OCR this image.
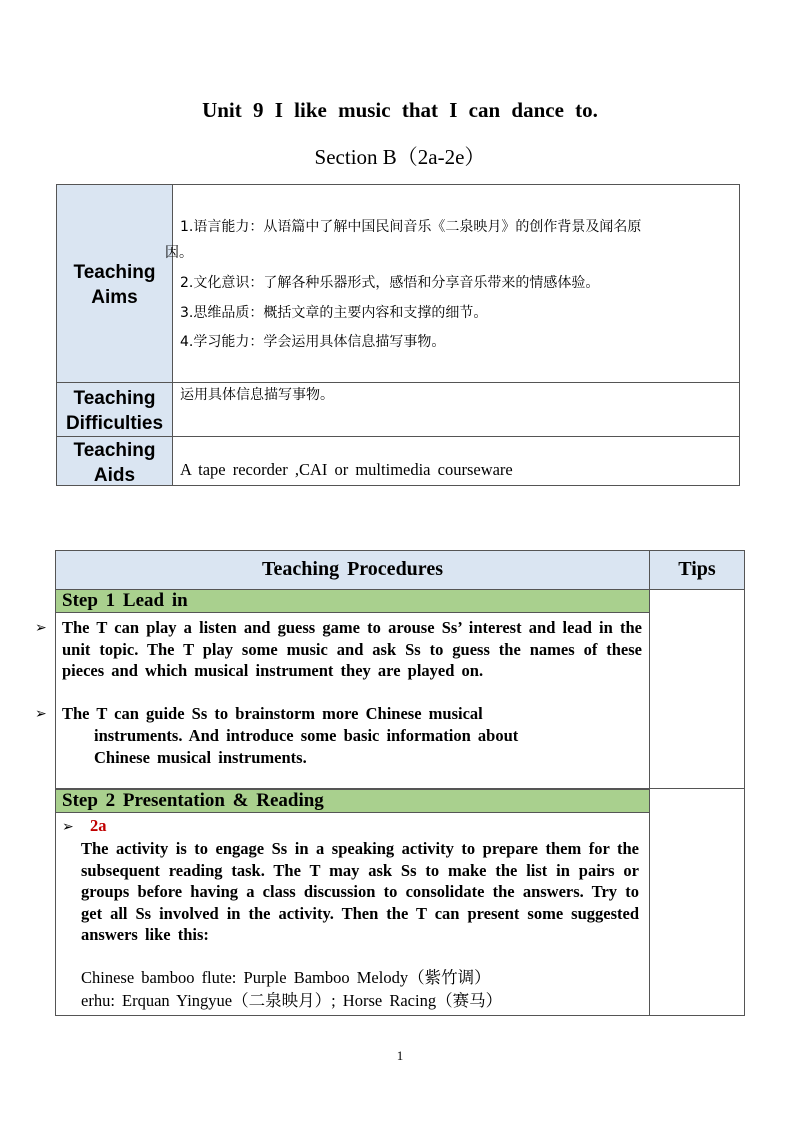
Unit 9 I like music that I can dance to.
Section B（2a-2e）
Teaching
Aims
Teaching
Difficulties
Teaching
Aids
1.语言能力：从语篇中了解中国民间音乐《二泉映月》的创作背景及闻名原
因。
2.文化意识：了解各种乐器形式，感悟和分享音乐带来的情感体验。
3.思维品质：概括文章的主要内容和支撑的细节。
4.学习能力：学会运用具体信息描写事物。
运用具体信息描写事物。
A tape recorder ,CAI or multimedia courseware
Teaching Procedures	Tips
Step 1 Lead in
The T can play a listen and guess game to arouse Ss’ interest and lead in the unit topic. The T play some music and ask Ss to guess the names of these pieces and which musical instrument they are played on.
The T can guide Ss to brainstorm more Chinese musical
instruments. And introduce some basic information about
Chinese musical instruments.
Step 2 Presentation & Reading
➢ 2a
The activity is to engage Ss in a speaking activity to prepare them for the subsequent reading task. The T may ask Ss to make the list in pairs or groups before having a class discussion to consolidate the answers. Try to get all Ss involved in the activity. Then the T can present some suggested answers like this:
Chinese bamboo flute: Purple Bamboo Melody（紫竹调）
erhu: Erquan Yingyue（二泉映月）; Horse Racing（赛马）
➢
➢
1
